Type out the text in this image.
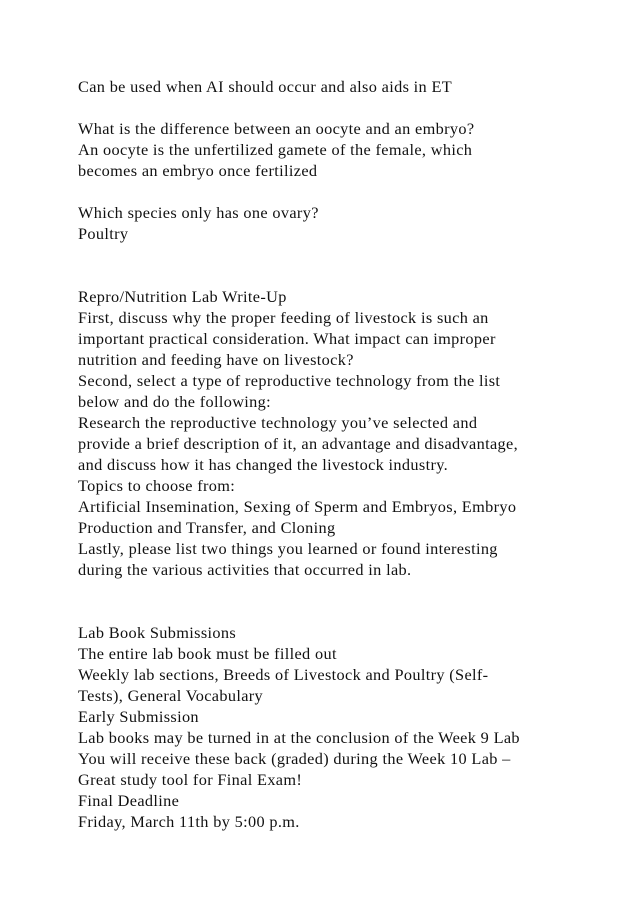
Can be used when AI should occur and also aids in ET
What is the difference between an oocyte and an embryo?
An oocyte is the unfertilized gamete of the female, which
becomes an embryo once fertilized
Which species only has one ovary?
Poultry
Repro/Nutrition Lab Write-Up
First, discuss why the proper feeding of livestock is such an
important practical consideration. What impact can improper
nutrition and feeding have on livestock?
Second, select a type of reproductive technology from the list
below and do the following:
Research the reproductive technology you’ve selected and
provide a brief description of it, an advantage and disadvantage,
and discuss how it has changed the livestock industry.
Topics to choose from:
Artificial Insemination, Sexing of Sperm and Embryos, Embryo
Production and Transfer, and Cloning
Lastly, please list two things you learned or found interesting
during the various activities that occurred in lab.
Lab Book Submissions
The entire lab book must be filled out
Weekly lab sections, Breeds of Livestock and Poultry (Self-
Tests), General Vocabulary
Early Submission
Lab books may be turned in at the conclusion of the Week 9 Lab
You will receive these back (graded) during the Week 10 Lab –
Great study tool for Final Exam!
Final Deadline
Friday, March 11th by 5:00 p.m.
